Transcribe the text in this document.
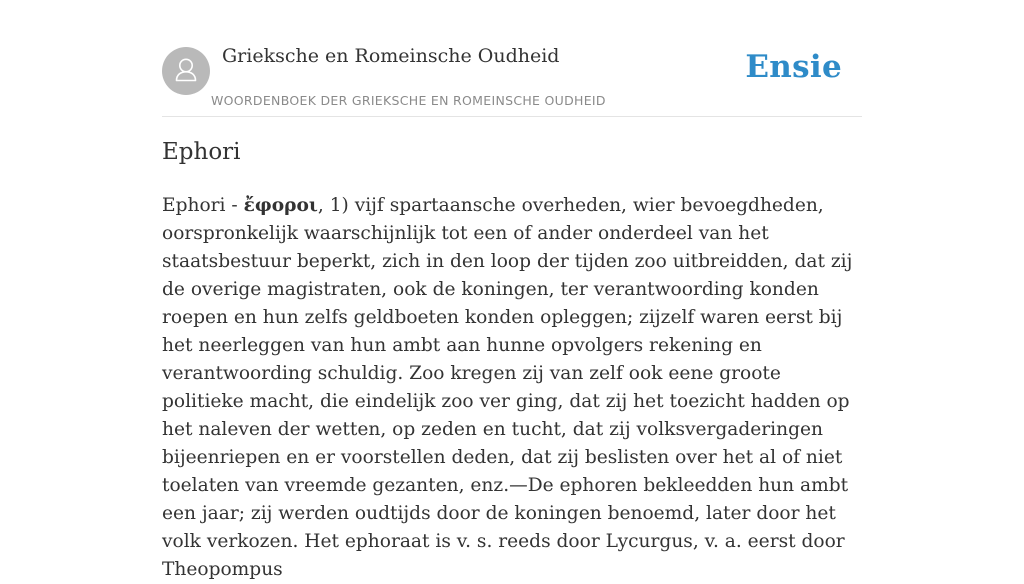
Grieksche en Romeinsche Oudheid
WOORDENBOEK DER GRIEKSCHE EN ROMEINSCHE OUDHEID
Ensie
Ephori

Ephori - ἔφοροι, 1) vijf spartaansche overheden, wier bevoegdheden, oorspronkelijk waarschijnlijk tot een of ander onderdeel van het staatsbestuur beperkt, zich in den loop der tijden zoo uitbreidden, dat zij de overige magistraten, ook de koningen, ter verantwoording konden roepen en hun zelfs geldboeten konden opleggen; zijzelf waren eerst bij het neerleggen van hun ambt aan hunne opvolgers rekening en verantwoording schuldig. Zoo kregen zij van zelf ook eene groote politieke macht, die eindelijk zoo ver ging, dat zij het toezicht hadden op het naleven der wetten, op zeden en tucht, dat zij volksvergaderingen bijeenriepen en er voorstellen deden, dat zij beslisten over het al of niet toelaten van vreemde gezanten, enz.—De ephoren bekleedden hun ambt een jaar; zij werden oudtijds door de koningen benoemd, later door het volk verkozen. Het ephoraat is v. s. reeds door Lycurgus, v. a. eerst door Theopompus
